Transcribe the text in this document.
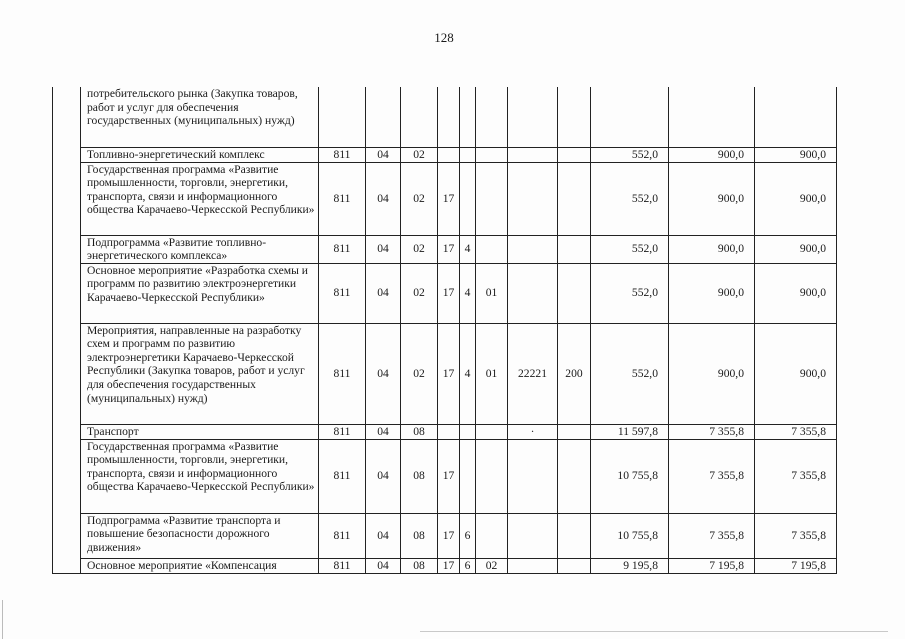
128
	потребительского рынка (Закупка товаров, работ и услуг для обеспечения государственных (муниципальных) нужд)											
	Топливно-энергетический комплекс	811	04	02						552,0	900,0	900,0
	Государственная программа «Развитие промышленности, торговли, энергетики, транспорта, связи и информационного общества Карачаево-Черкесской Республики»	811	04	02	17					552,0	900,0	900,0
	Подпрограмма «Развитие топливно-энергетического комплекса»	811	04	02	17	4				552,0	900,0	900,0
	Основное мероприятие «Разработка схемы и программ по развитию электроэнергетики Карачаево-Черкесской Республики»	811	04	02	17	4	01			552,0	900,0	900,0
	Мероприятия, направленные на разработку схем и программ по развитию электроэнергетики Карачаево-Черкесской Республики (Закупка товаров, работ и услуг для обеспечения государственных (муниципальных) нужд)	811	04	02	17	4	01	22221	200	552,0	900,0	900,0
	Транспорт	811	04	08				·		11 597,8	7 355,8	7 355,8
	Государственная программа «Развитие промышленности, торговли, энергетики, транспорта, связи и информационного общества Карачаево-Черкесской Республики»	811	04	08	17					10 755,8	7 355,8	7 355,8
	Подпрограмма «Развитие транспорта и повышение безопасности дорожного движения»	811	04	08	17	6				10 755,8	7 355,8	7 355,8
	Основное мероприятие «Компенсация	811	04	08	17	6	02			9 195,8	7 195,8	7 195,8
